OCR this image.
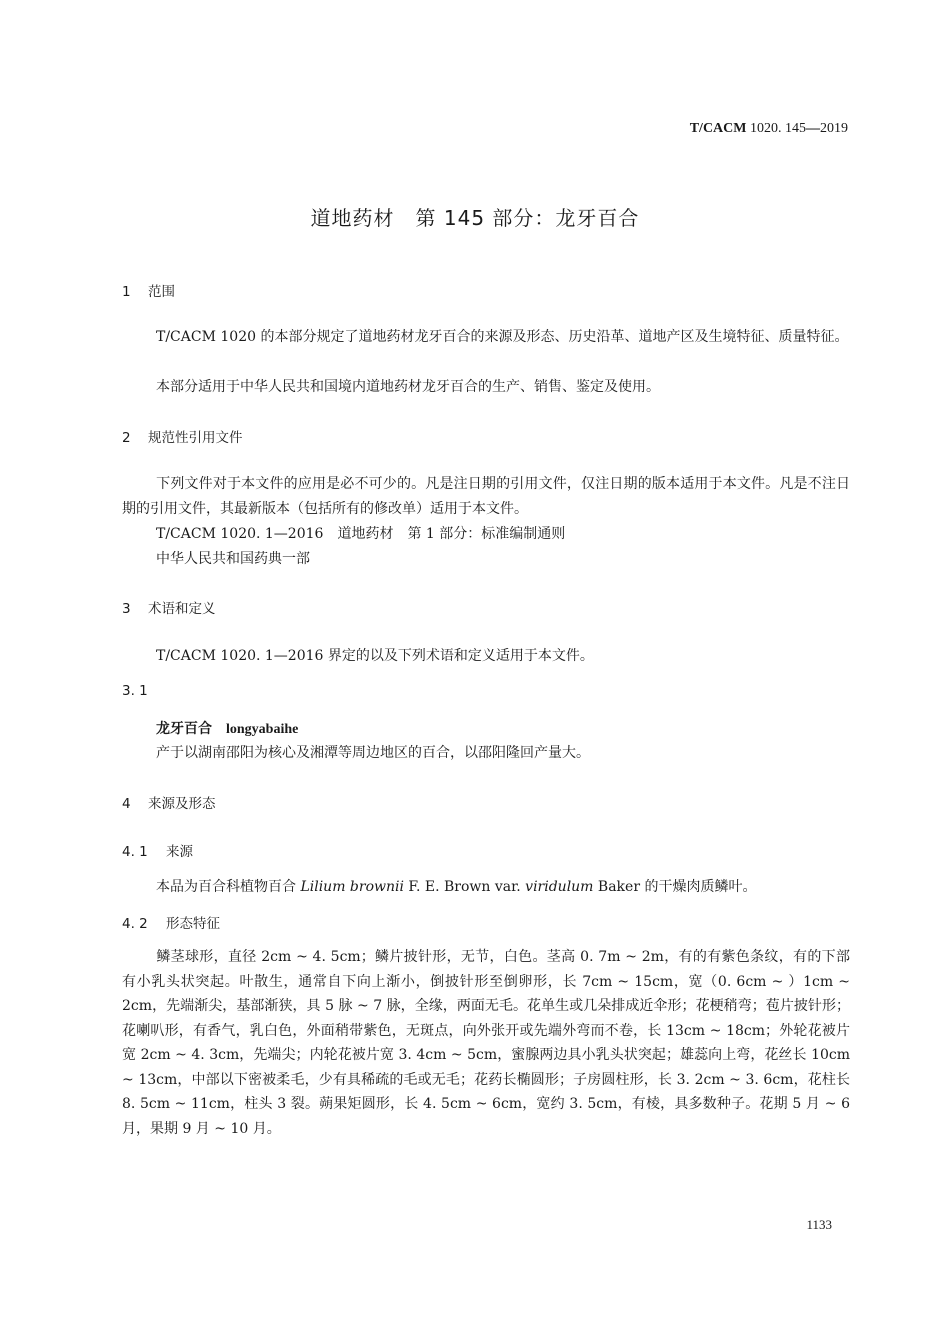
T/CACM 1020. 145—2019
道地药材　第 145 部分：龙牙百合
1 范围
T/CACM 1020 的本部分规定了道地药材龙牙百合的来源及形态、历史沿革、道地产区及生境特征、质量特征。
本部分适用于中华人民共和国境内道地药材龙牙百合的生产、销售、鉴定及使用。
2 规范性引用文件
下列文件对于本文件的应用是必不可少的。凡是注日期的引用文件，仅注日期的版本适用于本文件。凡是不注日期的引用文件，其最新版本（包括所有的修改单）适用于本文件。
T/CACM 1020. 1—2016　道地药材　第 1 部分：标准编制通则
中华人民共和国药典一部
3 术语和定义
T/CACM 1020. 1—2016 界定的以及下列术语和定义适用于本文件。
3. 1
龙牙百合 longyabaihe
产于以湖南邵阳为核心及湘潭等周边地区的百合，以邵阳隆回产量大。
4 来源及形态
4. 1 来源
本品为百合科植物百合 Lilium brownii F. E. Brown var. viridulum Baker 的干燥肉质鳞叶。
4. 2 形态特征
鳞茎球形，直径 2cm ~ 4. 5cm；鳞片披针形，无节，白色。茎高 0. 7m ~ 2m，有的有紫色条纹，有的下部有小乳头状突起。叶散生，通常自下向上渐小，倒披针形至倒卵形，长 7cm ~ 15cm，宽（0. 6cm ~ ）1cm ~ 2cm，先端渐尖，基部渐狭，具 5 脉 ~ 7 脉，全缘，两面无毛。花单生或几朵排成近伞形；花梗稍弯；苞片披针形；花喇叭形，有香气，乳白色，外面稍带紫色，无斑点，向外张开或先端外弯而不卷，长 13cm ~ 18cm；外轮花被片宽 2cm ~ 4. 3cm，先端尖；内轮花被片宽 3. 4cm ~ 5cm，蜜腺两边具小乳头状突起；雄蕊向上弯，花丝长 10cm ~ 13cm，中部以下密被柔毛，少有具稀疏的毛或无毛；花药长椭圆形；子房圆柱形，长 3. 2cm ~ 3. 6cm，花柱长 8. 5cm ~ 11cm，柱头 3 裂。蒴果矩圆形，长 4. 5cm ~ 6cm，宽约 3. 5cm，有棱，具多数种子。花期 5 月 ~ 6 月，果期 9 月 ~ 10 月。
1133
